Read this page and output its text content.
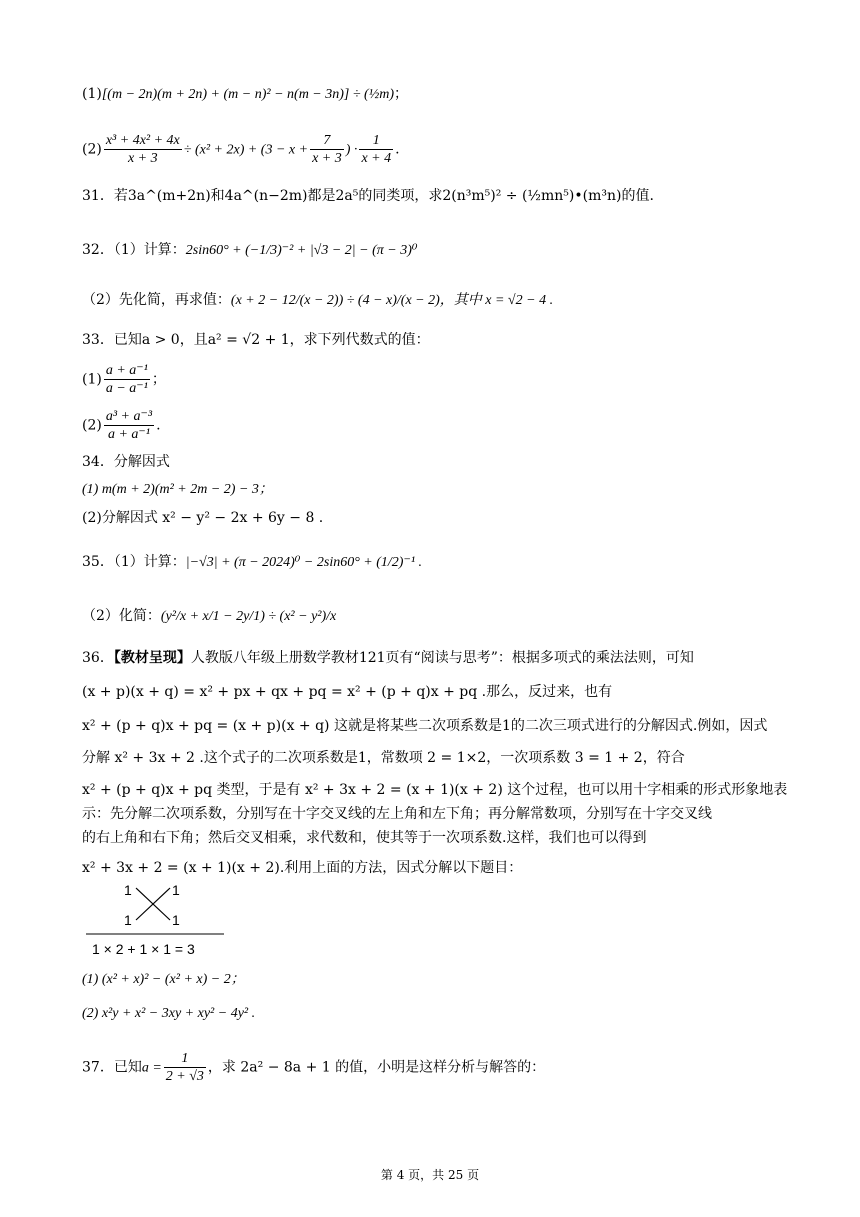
(1)[(m − 2n)(m + 2n) + (m − n)² − n(m − 3n)] ÷ (½m)；
$(2) \frac{\text{x³ + 4x² + 4x}}{x + 3} \div (x^2 + 2x) + (3 - x + \frac{7}{x + 3}$ ) · $\frac{1}{x + 4}$ .
31．若3a^(m+2n)和4a^(n−2m)都是2a⁵的同类项，求2(n³m⁵)² ÷ (½mn⁵)•(m³n)的值.
32．（1）计算：2sin60° + (−1/3)⁻² + |√3 − 2| − (π − 3)⁰
（2）先化简，再求值：(x + 2 − 12/(x − 2)) ÷ (4 − x)/(x − 2)，其中 x = √2 − 4 .
33．已知a > 0，且a² = √2 + 1，求下列代数式的值：
$(1) \frac{\text{a + a⁻¹}}{\text{a − a⁻¹}}$ ；
$(2) \frac{\text{a³ + a⁻³}}{\text{a + a⁻¹}}$ .
34．分解因式
(1) m(m + 2)(m² + 2m − 2) − 3；
(2)分解因式 x² − y² − 2x + 6y − 8 .
35．（1）计算：|−√3| + (π − 2024)⁰ − 2sin60° + (1/2)⁻¹ .
（2）化简：(y²/x + x/1 − 2y/1) ÷ (x² − y²)/x
36．【教材呈现】人教版八年级上册数学教材121页有“阅读与思考”：根据多项式的乘法法则，可知
(x + p)(x + q) = x² + px + qx + pq = x² + (p + q)x + pq .那么，反过来，也有
x² + (p + q)x + pq = (x + p)(x + q) 这就是将某些二次项系数是1的二次三项式进行的分解因式.例如，因式
分解 x² + 3x + 2 .这个式子的二次项系数是1，常数项 2 = 1×2，一次项系数 3 = 1 + 2，符合
x² + (p + q)x + pq 类型，于是有 x² + 3x + 2 = (x + 1)(x + 2) 这个过程，也可以用十字相乘的形式形象地表
示：先分解二次项系数，分别写在十字交叉线的左上角和左下角；再分解常数项，分别写在十字交叉线
的右上角和右下角；然后交叉相乘，求代数和，使其等于一次项系数.这样，我们也可以得到
x² + 3x + 2 = (x + 1)(x + 2).利用上面的方法，因式分解以下题目：
1	1
1	1
1 × 2 + 1 × 1 = 3
(1) (x² + x)² − (x² + x) − 2；
(2) x²y + x² − 3xy + xy² − 4y² .
37．已知$a = \frac{1}{2 + √3}$ ，求 2a² − 8a + 1 的值，小明是这样分析与解答的：
第 4 页，共 25 页
